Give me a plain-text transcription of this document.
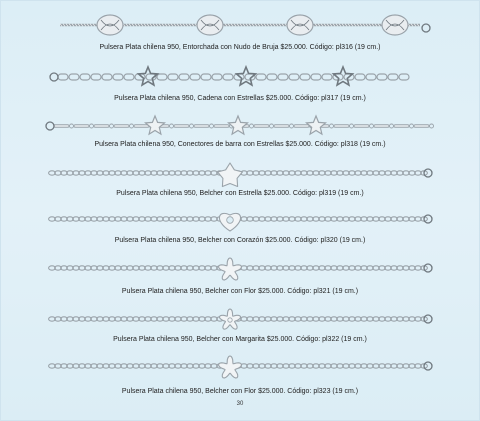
Pulsera Plata chilena 950, Entorchada con Nudo de Bruja $25.000. Código: pl316 (19 cm.)
Pulsera Plata chilena 950, Cadena con Estrellas $25.000. Código: pl317 (19 cm.)
Pulsera Plata chilena 950, Conectores de barra con Estrellas $25.000. Código: pl318 (19 cm.)
Pulsera Plata chilena 950, Belcher con Estrella $25.000. Código: pl319 (19 cm.)
Pulsera Plata chilena 950, Belcher con Corazón $25.000. Código: pl320 (19 cm.)
Pulsera Plata chilena 950, Belcher con Flor $25.000. Código: pl321 (19 cm.)
Pulsera Plata chilena 950, Belcher con Margarita $25.000. Código: pl322 (19 cm.)
Pulsera Plata chilena 950, Belcher con Flor $25.000. Código: pl323 (19 cm.)
30
